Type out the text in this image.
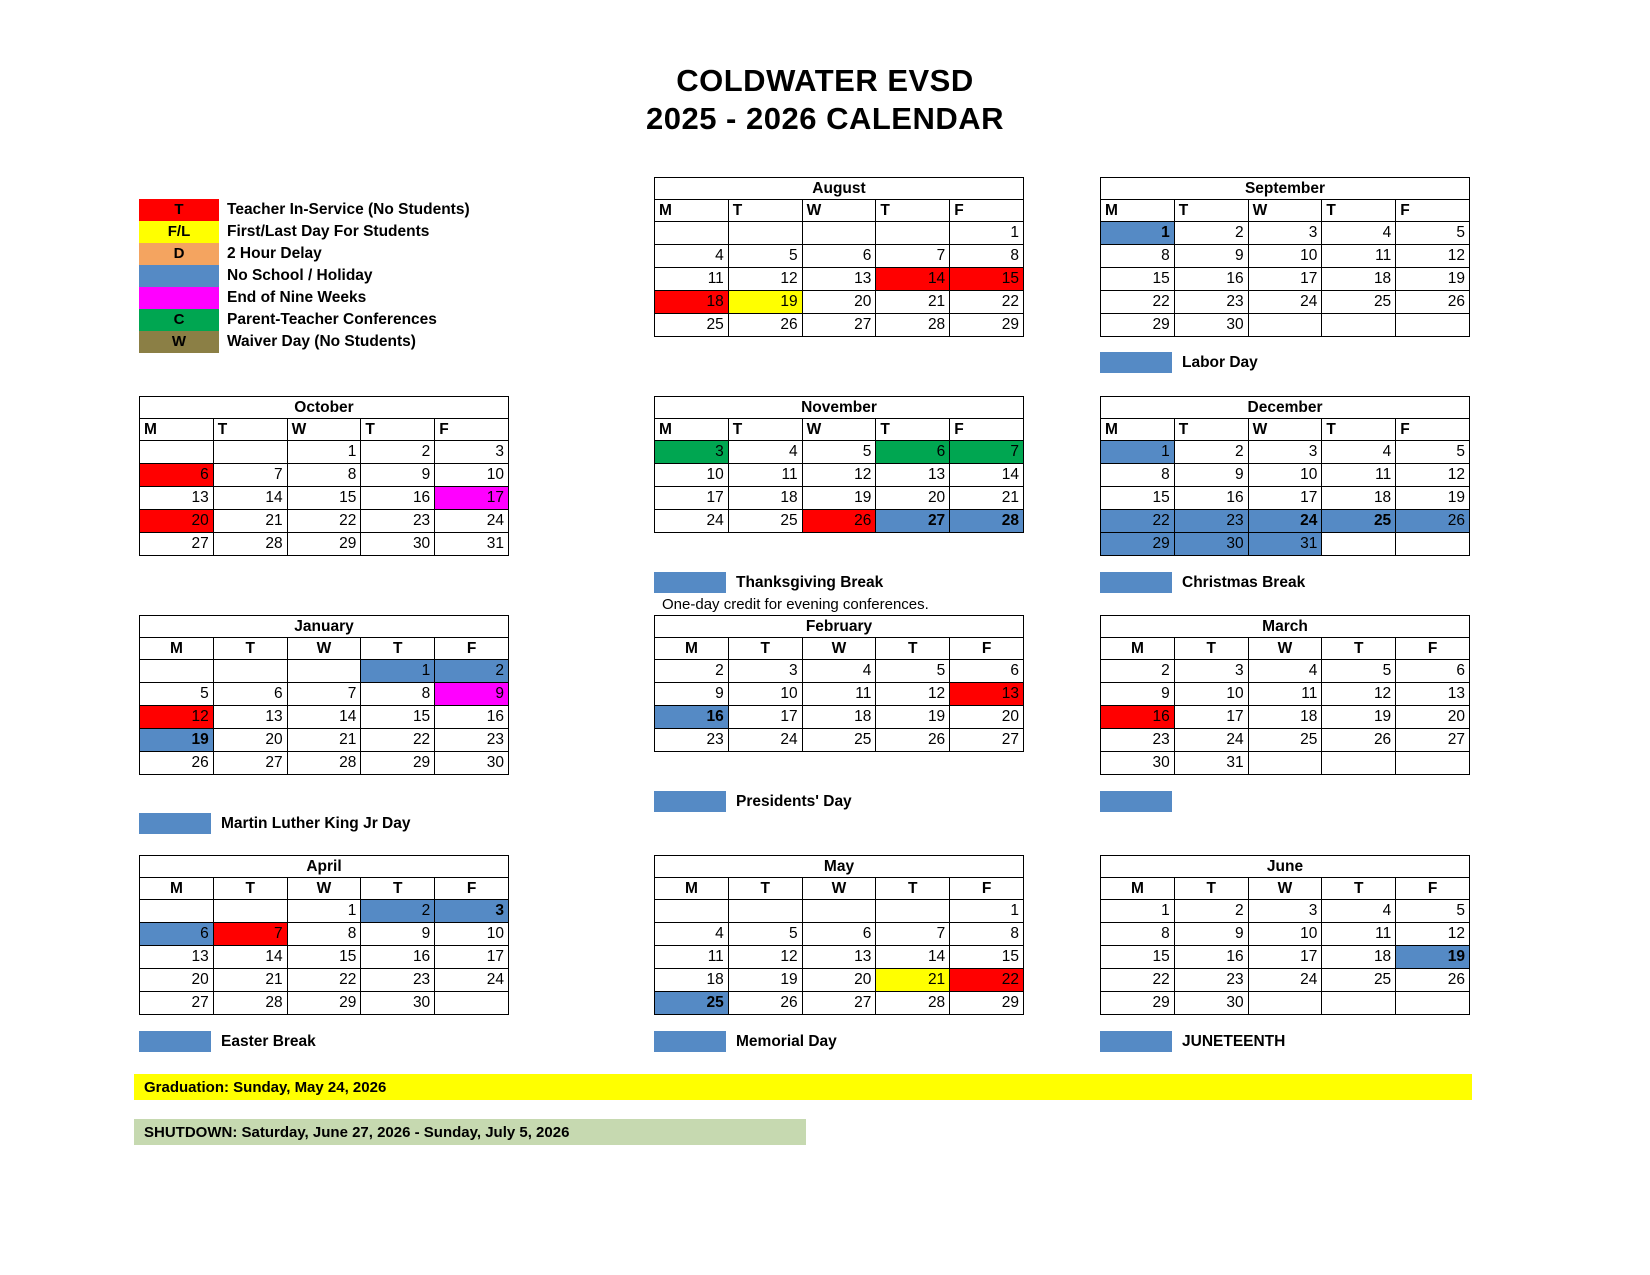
COLDWATER EVSD
2025 - 2026 CALENDAR
T	Teacher In-Service (No Students)
F/L	First/Last Day For Students
D	2 Hour Delay
No School / Holiday
End of Nine Weeks
C	Parent-Teacher Conferences
W	Waiver Day (No Students)
August				
M	T	W	T	F
				1
4	5	6	7	8
11	12	13	14	15
18	19	20	21	22
25	26	27	28	29
September				
M	T	W	T	F
1	2	3	4	5
8	9	10	11	12
15	16	17	18	19
22	23	24	25	26
29	30			
October				
M	T	W	T	F
		1	2	3
6	7	8	9	10
13	14	15	16	17
20	21	22	23	24
27	28	29	30	31
November				
M	T	W	T	F
3	4	5	6	7
10	11	12	13	14
17	18	19	20	21
24	25	26	27	28
December				
M	T	W	T	F
1	2	3	4	5
8	9	10	11	12
15	16	17	18	19
22	23	24	25	26
29	30	31		
January				
M	T	W	T	F
			1	2
5	6	7	8	9
12	13	14	15	16
19	20	21	22	23
26	27	28	29	30
February				
M	T	W	T	F
2	3	4	5	6
9	10	11	12	13
16	17	18	19	20
23	24	25	26	27
March				
M	T	W	T	F
2	3	4	5	6
9	10	11	12	13
16	17	18	19	20
23	24	25	26	27
30	31			
April				
M	T	W	T	F
		1	2	3
6	7	8	9	10
13	14	15	16	17
20	21	22	23	24
27	28	29	30	
May				
M	T	W	T	F
				1
4	5	6	7	8
11	12	13	14	15
18	19	20	21	22
25	26	27	28	29
June				
M	T	W	T	F
1	2	3	4	5
8	9	10	11	12
15	16	17	18	19
22	23	24	25	26
29	30			
Labor Day
Thanksgiving Break
One-day credit for evening conferences.
Christmas Break
Martin Luther King Jr Day
Presidents' Day
Easter Break	Memorial Day	JUNETEENTH
Graduation: Sunday, May 24, 2026
SHUTDOWN: Saturday, June 27, 2026 - Sunday, July 5, 2026
